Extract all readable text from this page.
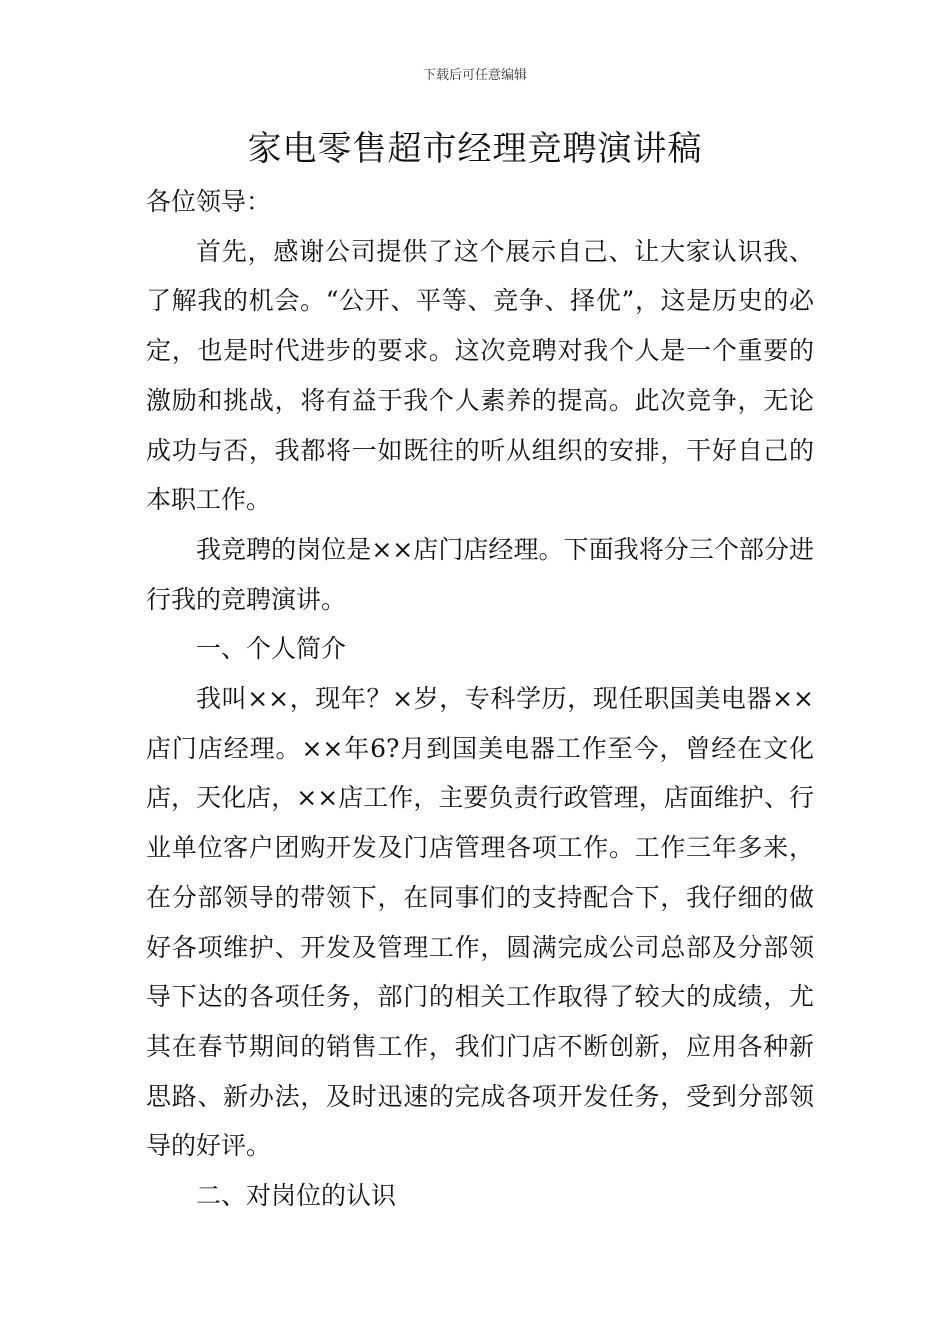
下载后可任意编辑
家电零售超市经理竞聘演讲稿

各位领导：

首先，感谢公司提供了这个展示自己、让大家认识我、了解我的机会。“公开、平等、竞争、择优”，这是历史的必定，也是时代进步的要求。这次竞聘对我个人是一个重要的激励和挑战，将有益于我个人素养的提高。此次竞争，无论成功与否，我都将一如既往的听从组织的安排，干好自己的本职工作。

我竞聘的岗位是××店门店经理。下面我将分三个部分进行我的竞聘演讲。

一、个人简介

我叫××，现年？×岁，专科学历，现任职国美电器××店门店经理。××年6?月到国美电器工作至今，曾经在文化店，天化店，××店工作，主要负责行政管理，店面维护、行业单位客户团购开发及门店管理各项工作。工作三年多来，在分部领导的带领下，在同事们的支持配合下，我仔细的做好各项维护、开发及管理工作，圆满完成公司总部及分部领导下达的各项任务，部门的相关工作取得了较大的成绩，尤其在春节期间的销售工作，我们门店不断创新，应用各种新思路、新办法，及时迅速的完成各项开发任务，受到分部领导的好评。

二、对岗位的认识
